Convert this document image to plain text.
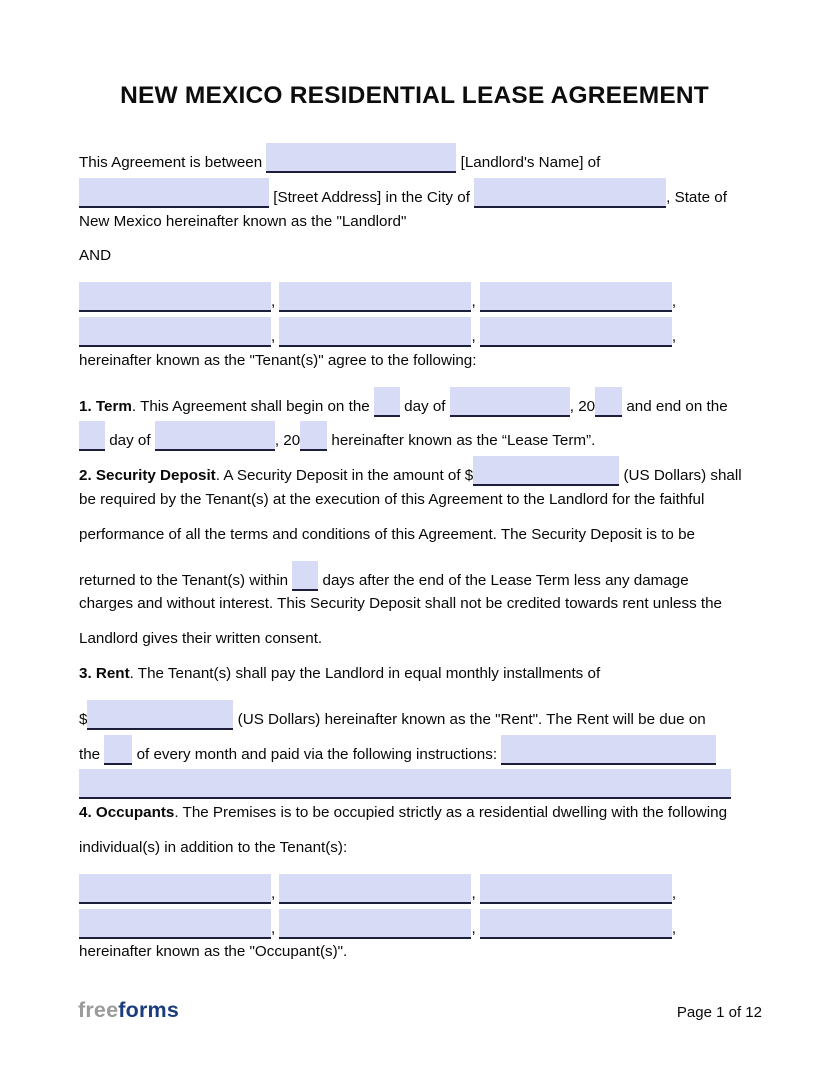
NEW MEXICO RESIDENTIAL LEASE AGREEMENT
This Agreement is between	[Landlord's Name] of
[Street Address] in the City of	, State of
New Mexico hereinafter known as the "Landlord"
AND
,	,	,
,	,	,
hereinafter known as the "Tenant(s)" agree to the following:
1. Term. This Agreement shall begin on the  day of	, 20 and end on the
day of	, 20 hereinafter known as the “Lease Term”.
2. Security Deposit. A Security Deposit in the amount of $	(US Dollars) shall
be required by the Tenant(s) at the execution of this Agreement to the Landlord for the faithful
performance of all the terms and conditions of this Agreement. The Security Deposit is to be
returned to the Tenant(s) within  days after the end of the Lease Term less any damage
charges and without interest. This Security Deposit shall not be credited towards rent unless the
Landlord gives their written consent.
3. Rent. The Tenant(s) shall pay the Landlord in equal monthly installments of
$	(US Dollars) hereinafter known as the "Rent". The Rent will be due on
the  of every month and paid via the following instructions:
4. Occupants. The Premises is to be occupied strictly as a residential dwelling with the following
individual(s) in addition to the Tenant(s):
,	,	,
,	,	,
hereinafter known as the "Occupant(s)".
freeforms	Page 1 of 12
